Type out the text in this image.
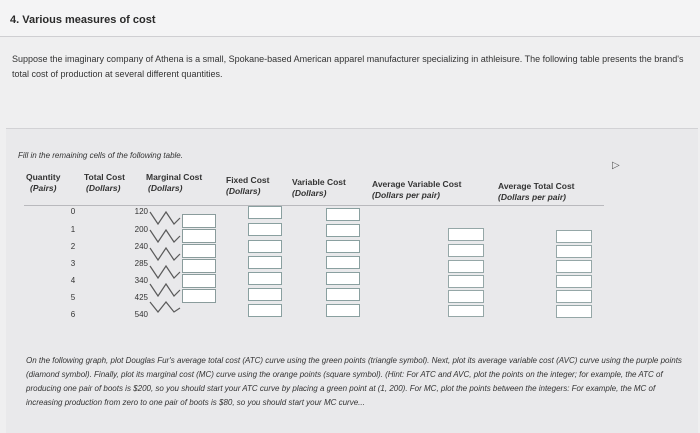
4. Various measures of cost
Suppose the imaginary company of Athena is a small, Spokane-based American apparel manufacturer specializing in athleisure. The following table presents the brand's total cost of production at several different quantities.
Fill in the remaining cells of the following table.
▷
Quantity
(Pairs)
Total Cost
(Dollars)
Marginal Cost
(Dollars)
Fixed Cost
(Dollars)
Variable Cost
(Dollars)
Average Variable Cost
(Dollars per pair)
Average Total Cost
(Dollars per pair)
0
1
2
3
4
5
6
120
200
240
285
340
425
540
On the following graph, plot Douglas Fur's average total cost (ATC) curve using the green points (triangle symbol). Next, plot its average variable cost (AVC) curve using the purple points (diamond symbol). Finally, plot its marginal cost (MC) curve using the orange points (square symbol). (Hint: For ATC and AVC, plot the points on the integer; for example, the ATC of producing one pair of boots is $200, so you should start your ATC curve by placing a green point at (1, 200). For MC, plot the points between the integers: For example, the MC of increasing production from zero to one pair of boots is $80, so you should start your MC curve...
